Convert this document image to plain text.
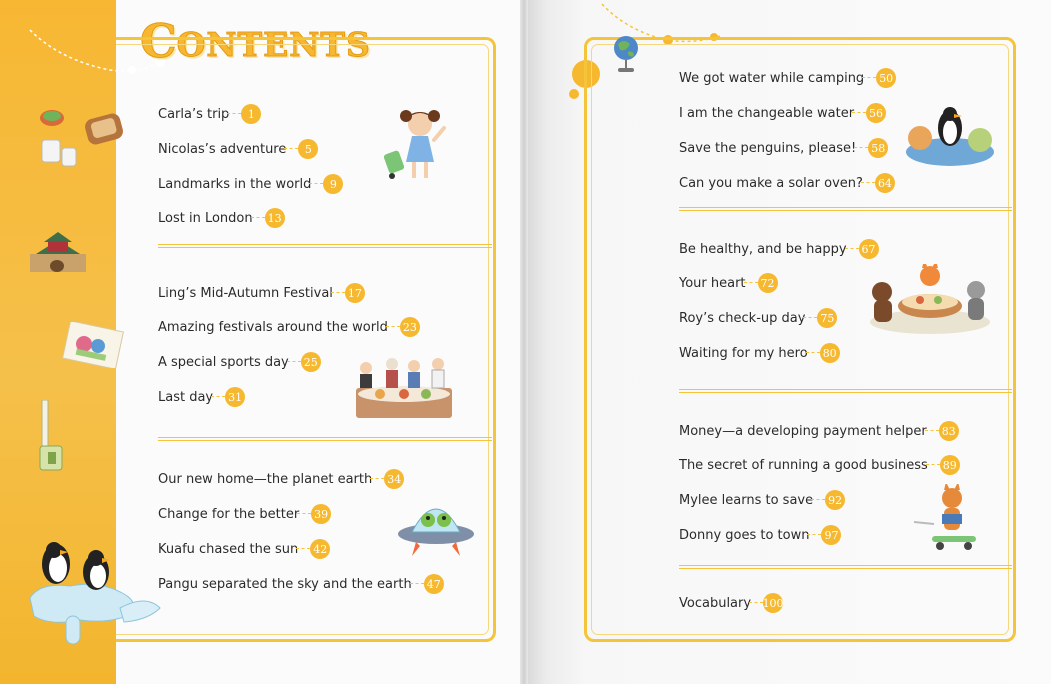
C ONTENTS
Carla’s trip	1
Nicolas’s adventure	5
Landmarks in the world	9
Lost in London 13
Ling’s Mid-Autumn Festival 17
Amazing festivals around the world 23
A special sports day 25
Last day 31
Our new home—the planet earth 34
Change for the better 39
Kuafu chased the sun 42
Pangu separated the sky and the earth 47
We got water while camping 50
I am the changeable water 56
Save the penguins, please! 58
Can you make a solar oven? 64
Be healthy, and be happy 67
Your heart 72
Roy’s check-up day 75
Waiting for my hero 80
Money—a developing payment helper 83
The secret of running a good business 89
Mylee learns to save 92
Donny goes to town 97
Vocabulary 100
